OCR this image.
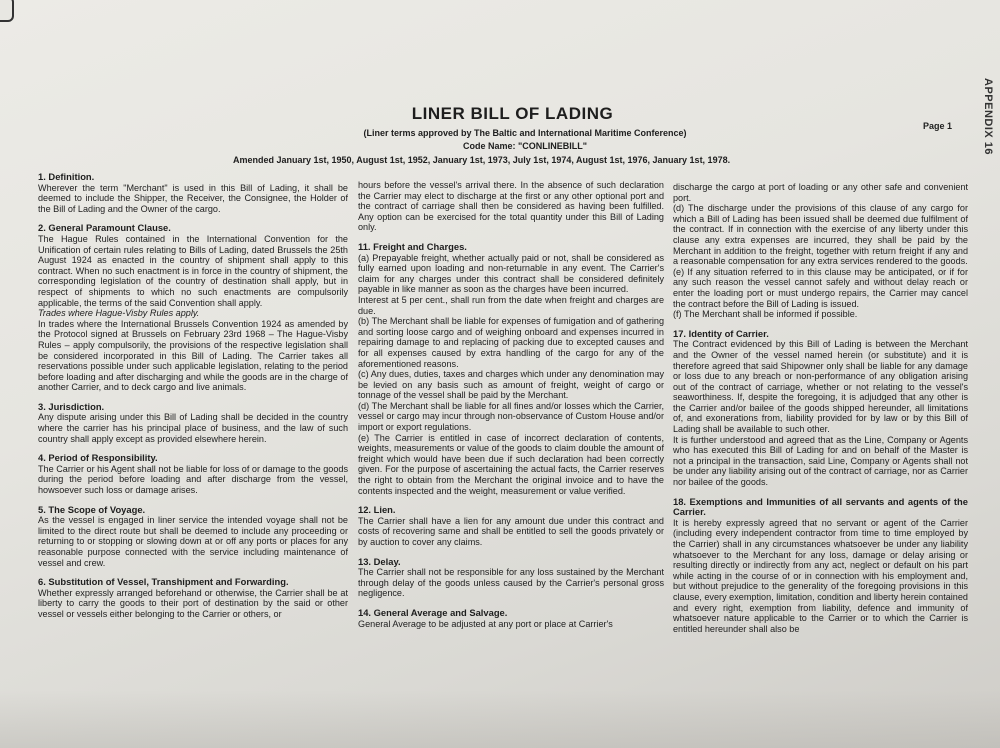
APPENDIX 16
LINER BILL OF LADING
(Liner terms approved by The Baltic and International Maritime Conference)
Code Name: "CONLINEBILL"
Amended January 1st, 1950, August 1st, 1952, January 1st, 1973, July 1st, 1974, August 1st, 1976, January 1st, 1978.
Page 1
1. Definition.

Wherever the term "Merchant" is used in this Bill of Lading, it shall be deemed to include the Shipper, the Receiver, the Consignee, the Holder of the Bill of Lading and the Owner of the cargo.

2. General Paramount Clause.

The Hague Rules contained in the International Convention for the Unification of certain rules relating to Bills of Lading, dated Brussels the 25th August 1924 as enacted in the country of shipment shall apply to this contract. When no such enactment is in force in the country of shipment, the corresponding legislation of the country of destination shall apply, but in respect of shipments to which no such enactments are compulsorily applicable, the terms of the said Convention shall apply.

Trades where Hague-Visby Rules apply.

In trades where the International Brussels Convention 1924 as amended by the Protocol signed at Brussels on February 23rd 1968 – The Hague-Visby Rules – apply compulsorily, the provisions of the respective legislation shall be considered incorporated in this Bill of Lading. The Carrier takes all reservations possible under such applicable legislation, relating to the period before loading and after discharging and while the goods are in the charge of another Carrier, and to deck cargo and live animals.

3. Jurisdiction.

Any dispute arising under this Bill of Lading shall be decided in the country where the carrier has his principal place of business, and the law of such country shall apply except as provided elsewhere herein.

4. Period of Responsibility.

The Carrier or his Agent shall not be liable for loss of or damage to the goods during the period before loading and after discharge from the vessel, howsoever such loss or damage arises.

5. The Scope of Voyage.

As the vessel is engaged in liner service the intended voyage shall not be limited to the direct route but shall be deemed to include any proceeding or returning to or stopping or slowing down at or off any ports or places for any reasonable purpose connected with the service including maintenance of vessel and crew.

6. Substitution of Vessel, Transhipment and Forwarding.

Whether expressly arranged beforehand or otherwise, the Carrier shall be at liberty to carry the goods to their port of destination by the said or other vessel or vessels either belonging to the Carrier or others, or

hours before the vessel's arrival there. In the absence of such declaration the Carrier may elect to discharge at the first or any other optional port and the contract of carriage shall then be considered as having been fulfilled. Any option can be exercised for the total quantity under this Bill of Lading only.

11. Freight and Charges.

(a) Prepayable freight, whether actually paid or not, shall be considered as fully earned upon loading and non-returnable in any event. The Carrier's claim for any charges under this contract shall be considered definitely payable in like manner as soon as the charges have been incurred.

Interest at 5 per cent., shall run from the date when freight and charges are due.

(b) The Merchant shall be liable for expenses of fumigation and of gathering and sorting loose cargo and of weighing onboard and expenses incurred in repairing damage to and replacing of packing due to excepted causes and for all expenses caused by extra handling of the cargo for any of the aforementioned reasons.

(c) Any dues, duties, taxes and charges which under any denomination may be levied on any basis such as amount of freight, weight of cargo or tonnage of the vessel shall be paid by the Merchant.

(d) The Merchant shall be liable for all fines and/or losses which the Carrier, vessel or cargo may incur through non-observance of Custom House and/or import or export regulations.

(e) The Carrier is entitled in case of incorrect declaration of contents, weights, measurements or value of the goods to claim double the amount of freight which would have been due if such declaration had been correctly given. For the purpose of ascertaining the actual facts, the Carrier reserves the right to obtain from the Merchant the original invoice and to have the contents inspected and the weight, measurement or value verified.

12. Lien.

The Carrier shall have a lien for any amount due under this contract and costs of recovering same and shall be entitled to sell the goods privately or by auction to cover any claims.

13. Delay.

The Carrier shall not be responsible for any loss sustained by the Merchant through delay of the goods unless caused by the Carrier's personal gross negligence.

14. General Average and Salvage.

General Average to be adjusted at any port or place at Carrier's

discharge the cargo at port of loading or any other safe and convenient port.

(d) The discharge under the provisions of this clause of any cargo for which a Bill of Lading has been issued shall be deemed due fulfilment of the contract. If in connection with the exercise of any liberty under this clause any extra expenses are incurred, they shall be paid by the Merchant in addition to the freight, together with return freight if any and a reasonable compensation for any extra services rendered to the goods.

(e) If any situation referred to in this clause may be anticipated, or if for any such reason the vessel cannot safely and without delay reach or enter the loading port or must undergo repairs, the Carrier may cancel the contract before the Bill of Lading is issued.

(f) The Merchant shall be informed if possible.

17. Identity of Carrier.

The Contract evidenced by this Bill of Lading is between the Merchant and the Owner of the vessel named herein (or substitute) and it is therefore agreed that said Shipowner only shall be liable for any damage or loss due to any breach or non-performance of any obligation arising out of the contract of carriage, whether or not relating to the vessel's seaworthiness. If, despite the foregoing, it is adjudged that any other is the Carrier and/or bailee of the goods shipped hereunder, all limitations of, and exonerations from, liability provided for by law or by this Bill of Lading shall be available to such other.

It is further understood and agreed that as the Line, Company or Agents who has executed this Bill of Lading for and on behalf of the Master is not a principal in the transaction, said Line, Company or Agents shall not be under any liability arising out of the contract of carriage, nor as Carrier nor bailee of the goods.

18. Exemptions and Immunities of all servants and agents of the Carrier.

It is hereby expressly agreed that no servant or agent of the Carrier (including every independent contractor from time to time employed by the Carrier) shall in any circumstances whatsoever be under any liability whatsoever to the Merchant for any loss, damage or delay arising or resulting directly or indirectly from any act, neglect or default on his part while acting in the course of or in connection with his employment and, but without prejudice to the generality of the foregoing provisions in this clause, every exemption, limitation, condition and liberty herein contained and every right, exemption from liability, defence and immunity of whatsoever nature applicable to the Carrier or to which the Carrier is entitled hereunder shall also be
